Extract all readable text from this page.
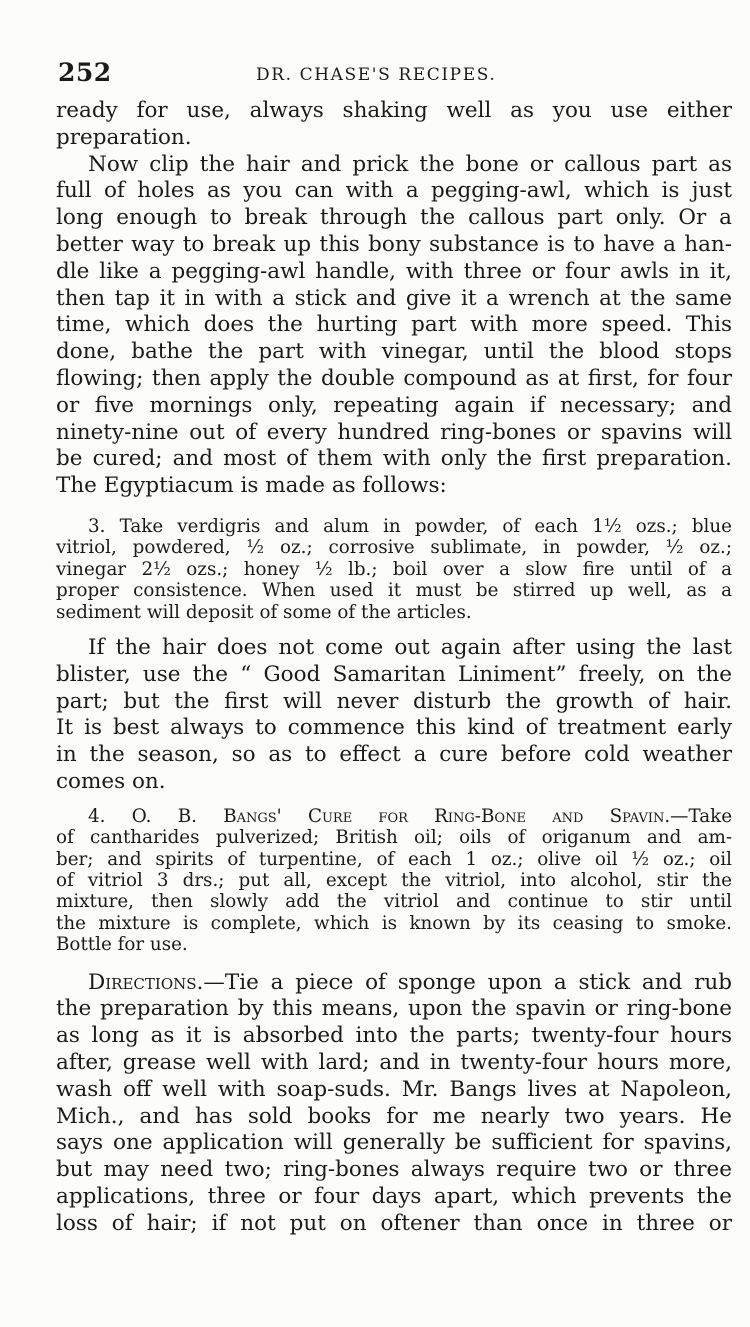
252	DR. CHASE'S RECIPES.

ready for use, always shaking well as you use either preparation.

Now clip the hair and prick the bone or callous part as

full of holes as you can with a pegging-awl, which is just

long enough to break through the callous part only. Or a

better way to break up this bony substance is to have a han-

dle like a pegging-awl handle, with three or four awls in it,

then tap it in with a stick and give it a wrench at the same

time, which does the hurting part with more speed. This

done, bathe the part with vinegar, until the blood stops

flowing; then apply the double compound as at first, for four

or five mornings only, repeating again if necessary; and

ninety-nine out of every hundred ring-bones or spavins will

be cured; and most of them with only the first preparation.

The Egyptiacum is made as follows:

3. Take verdigris and alum in powder, of each 1½ ozs.; blue

vitriol, powdered, ½ oz.; corrosive sublimate, in powder, ½ oz.;

vinegar 2½ ozs.; honey ½ lb.; boil over a slow fire until of a

proper consistence. When used it must be stirred up well, as a

sediment will deposit of some of the articles.

If the hair does not come out again after using the last

blister, use the “ Good Samaritan Liniment” freely, on the

part; but the first will never disturb the growth of hair.

It is best always to commence this kind of treatment early

in the season, so as to effect a cure before cold weather

comes on.

4. O. B. Bangs' Cure for Ring-Bone and Spavin.—Take

of cantharides pulverized; British oil; oils of origanum and am-

ber; and spirits of turpentine, of each 1 oz.; olive oil ½ oz.; oil

of vitriol 3 drs.; put all, except the vitriol, into alcohol, stir the

mixture, then slowly add the vitriol and continue to stir until

the mixture is complete, which is known by its ceasing to smoke.

Bottle for use.

Directions.—Tie a piece of sponge upon a stick and rub

the preparation by this means, upon the spavin or ring-bone

as long as it is absorbed into the parts; twenty-four hours

after, grease well with lard; and in twenty-four hours more,

wash off well with soap-suds. Mr. Bangs lives at Napoleon,

Mich., and has sold books for me nearly two years. He

says one application will generally be sufficient for spavins,

but may need two; ring-bones always require two or three

applications, three or four days apart, which prevents the

loss of hair; if not put on oftener than once in three or
